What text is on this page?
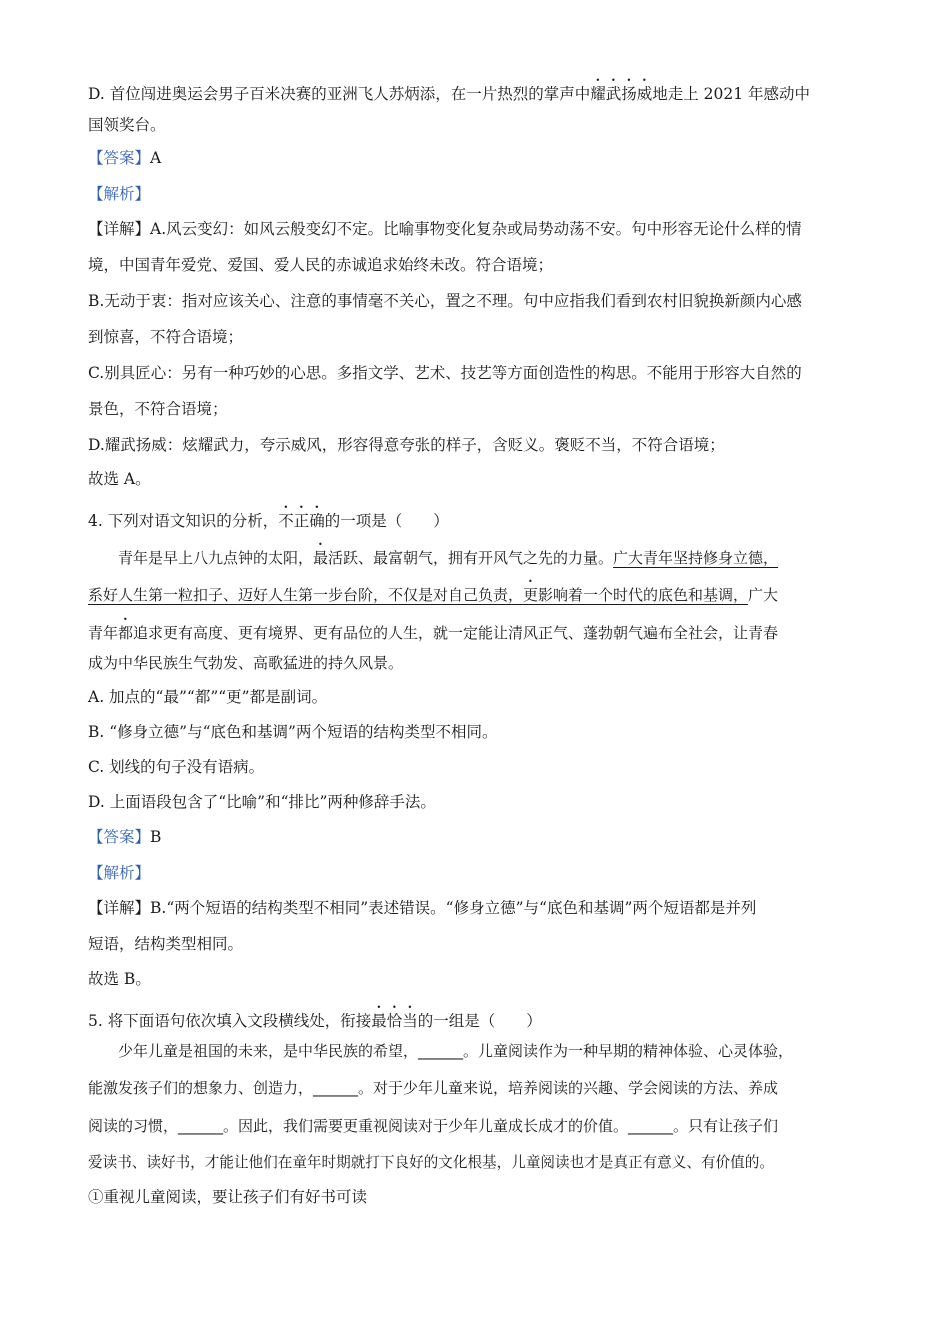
D. 首位闯进奥运会男子百米决赛的亚洲飞人苏炳添，在一片热烈的掌声中耀武扬威地走上 2021 年感动中
国领奖台。
【答案】A
【解析】
【详解】A.风云变幻：如风云般变幻不定。比喻事物变化复杂或局势动荡不安。句中形容无论什么样的情
境，中国青年爱党、爱国、爱人民的赤诚追求始终未改。符合语境；
B.无动于衷：指对应该关心、注意的事情毫不关心，置之不理。句中应指我们看到农村旧貌换新颜内心感
到惊喜，不符合语境；
C.别具匠心：另有一种巧妙的心思。多指文学、艺术、技艺等方面创造性的构思。不能用于形容大自然的
景色，不符合语境；
D.耀武扬威：炫耀武力，夸示威风，形容得意夸张的样子，含贬义。褒贬不当，不符合语境；
故选 A。
4. 下列对语文知识的分析，不正确的一项是（　　）
青年是早上八九点钟的太阳，最活跃、最富朝气，拥有开风气之先的力量。广大青年坚持修身立德，
系好人生第一粒扣子、迈好人生第一步台阶，不仅是对自己负责，更影响着一个时代的底色和基调，广大
青年都追求更有高度、更有境界、更有品位的人生，就一定能让清风正气、蓬勃朝气遍布全社会，让青春
成为中华民族生气勃发、高歌猛进的持久风景。
A. 加点的“最”“都”“更”都是副词。
B. “修身立德”与“底色和基调”两个短语的结构类型不相同。
C. 划线的句子没有语病。
D. 上面语段包含了“比喻”和“排比”两种修辞手法。
【答案】B
【解析】
【详解】B.“两个短语的结构类型不相同”表述错误。“修身立德”与“底色和基调”两个短语都是并列
短语，结构类型相同。
故选 B。
5. 将下面语句依次填入文段横线处，衔接最恰当的一组是（　　）
少年儿童是祖国的未来，是中华民族的希望，______。儿童阅读作为一种早期的精神体验、心灵体验，
能激发孩子们的想象力、创造力，______。对于少年儿童来说，培养阅读的兴趣、学会阅读的方法、养成
阅读的习惯，______。因此，我们需要更重视阅读对于少年儿童成长成才的价值。______。只有让孩子们
爱读书、读好书，才能让他们在童年时期就打下良好的文化根基，儿童阅读也才是真正有意义、有价值的。
①重视儿童阅读，要让孩子们有好书可读
